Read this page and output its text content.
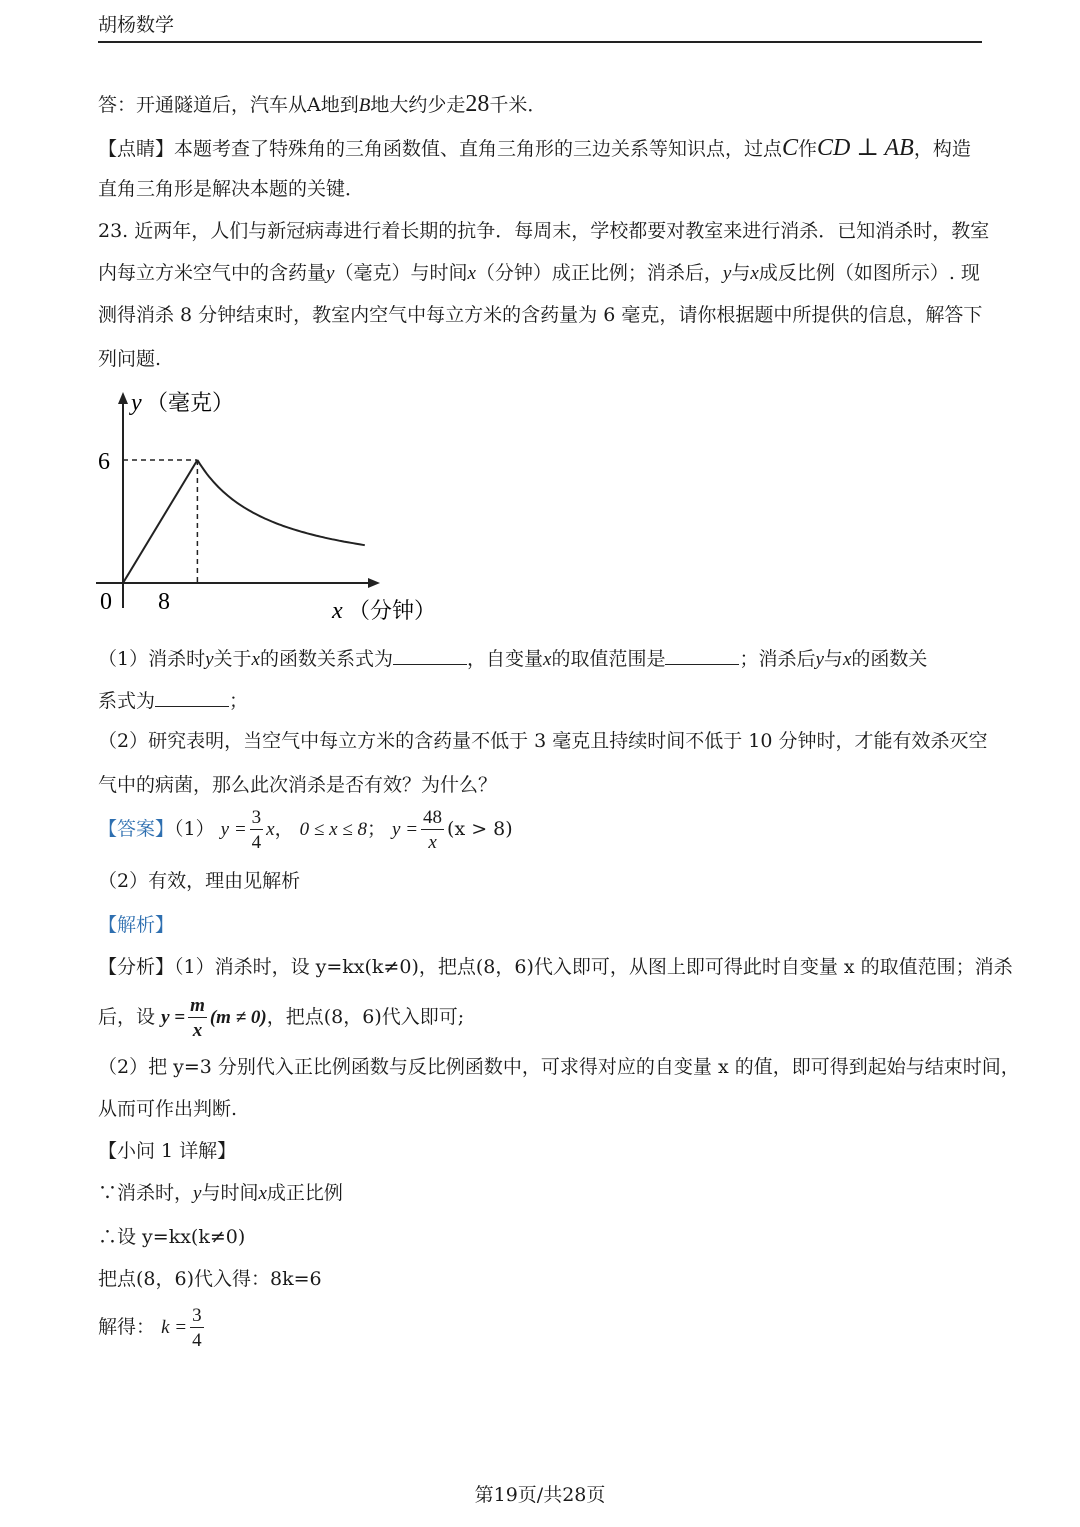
胡杨数学
答：开通隧道后，汽车从A地到B地大约少走28千米．
【点睛】本题考查了特殊角的三角函数值、直角三角形的三边关系等知识点，过点C作CD ⊥ AB，构造
直角三角形是解决本题的关键．
23. 近两年，人们与新冠病毒进行着长期的抗争．每周末，学校都要对教室来进行消杀．已知消杀时，教室
内每立方米空气中的含药量y（毫克）与时间x（分钟）成正比例；消杀后，y与x成反比例（如图所示）. 现
测得消杀 8 分钟结束时，教室内空气中每立方米的含药量为 6 毫克，请你根据题中所提供的信息，解答下
列问题.
y （毫克）
6
0 8	x （分钟）
（1）消杀时y关于x的函数关系式为	，自变量x的取值范围是	；消杀后y与x的函数关
系式为	；
（2）研究表明，当空气中每立方米的含药量不低于 3 毫克且持续时间不低于 10 分钟时，才能有效杀灭空
气中的病菌，那么此次消杀是否有效？为什么？
【答案】（1） $y = \frac{3}{4}$ x， 0 ≤ x ≤ 8； $y = \frac{48}{x} (x > 8)$
（2）有效，理由见解析
【解析】
【分析】（1）消杀时，设 y=kx(k≠0)，把点(8，6)代入即可，从图上即可得此时自变量 x 的取值范围；消杀
后，设 $y = \frac{m}{x} (m \ne 0)$，把点(8，6)代入即可;
（2）把 y=3 分别代入正比例函数与反比例函数中，可求得对应的自变量 x 的值，即可得到起始与结束时间，
从而可作出判断.
【小问 1 详解】
∵消杀时，y与时间x成正比例
∴设 y=kx(k≠0)
把点(8，6)代入得：8k=6
解得： $k = \frac{3}{4}$
第19页/共28页
